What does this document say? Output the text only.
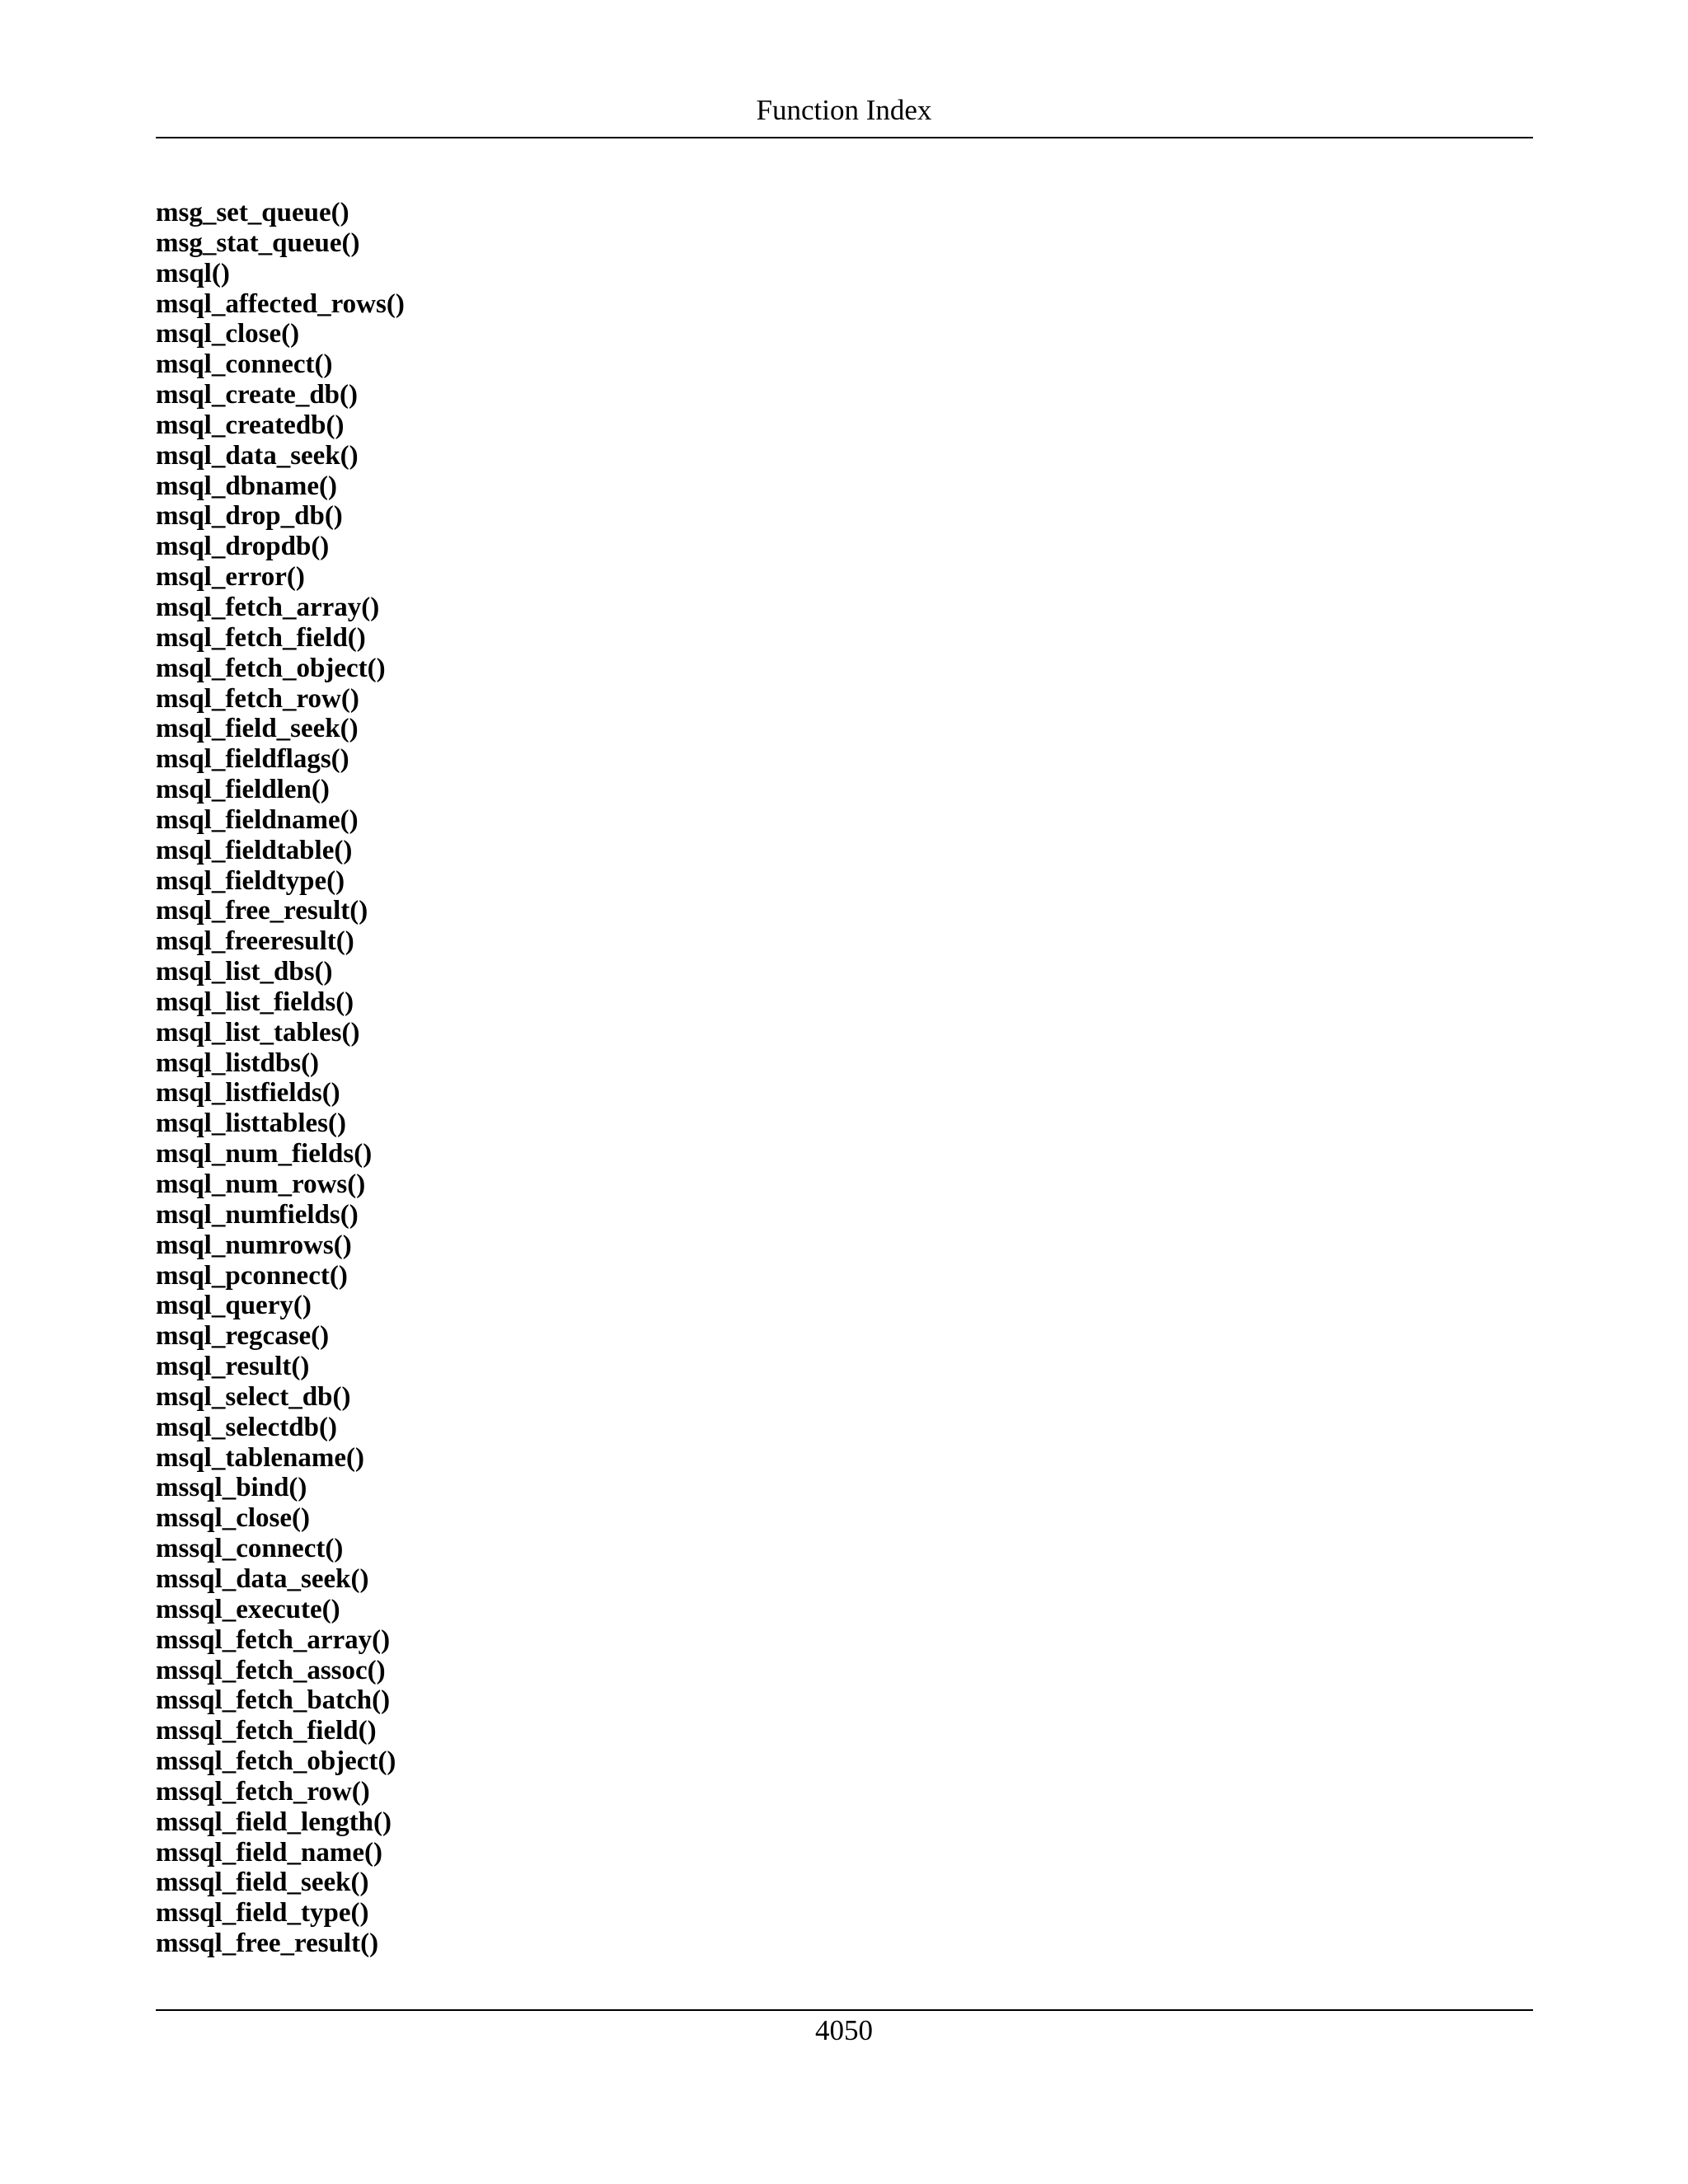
Function Index
msg_set_queue()
msg_stat_queue()
msql()
msql_affected_rows()
msql_close()
msql_connect()
msql_create_db()
msql_createdb()
msql_data_seek()
msql_dbname()
msql_drop_db()
msql_dropdb()
msql_error()
msql_fetch_array()
msql_fetch_field()
msql_fetch_object()
msql_fetch_row()
msql_field_seek()
msql_fieldflags()
msql_fieldlen()
msql_fieldname()
msql_fieldtable()
msql_fieldtype()
msql_free_result()
msql_freeresult()
msql_list_dbs()
msql_list_fields()
msql_list_tables()
msql_listdbs()
msql_listfields()
msql_listtables()
msql_num_fields()
msql_num_rows()
msql_numfields()
msql_numrows()
msql_pconnect()
msql_query()
msql_regcase()
msql_result()
msql_select_db()
msql_selectdb()
msql_tablename()
mssql_bind()
mssql_close()
mssql_connect()
mssql_data_seek()
mssql_execute()
mssql_fetch_array()
mssql_fetch_assoc()
mssql_fetch_batch()
mssql_fetch_field()
mssql_fetch_object()
mssql_fetch_row()
mssql_field_length()
mssql_field_name()
mssql_field_seek()
mssql_field_type()
mssql_free_result()
4050
